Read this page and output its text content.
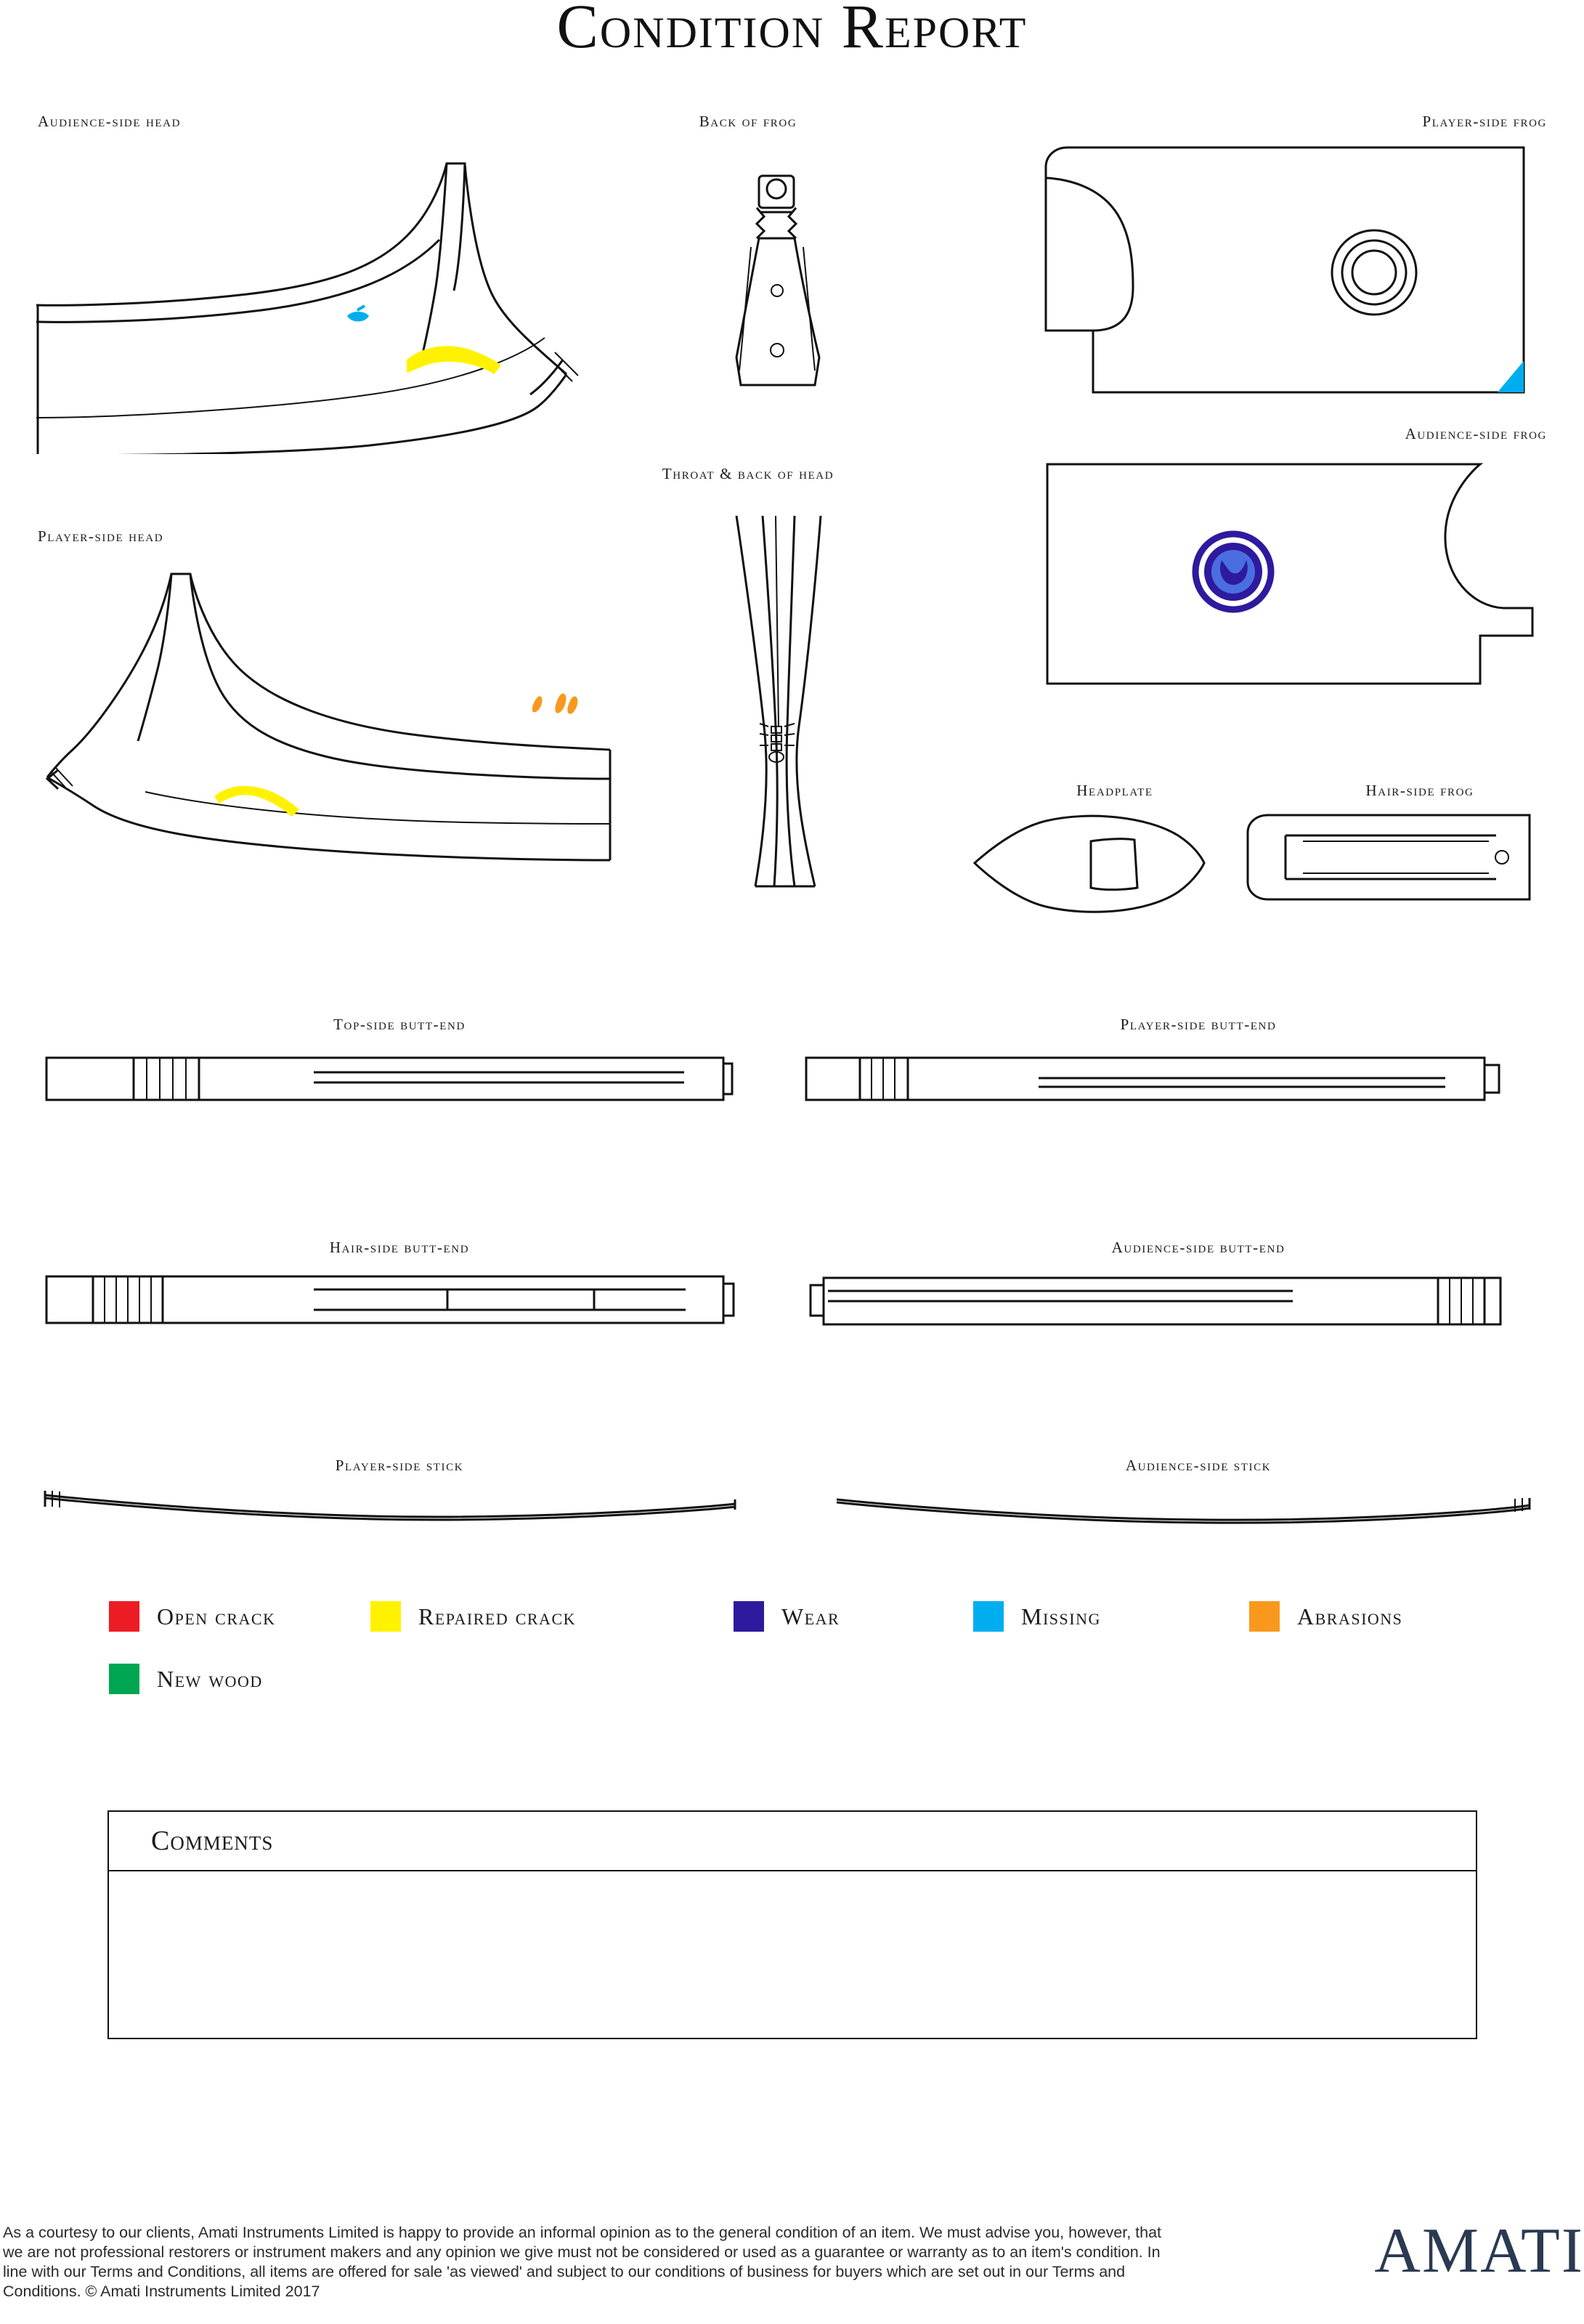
Condition Report
Audience-side head	Back of frog	Player-side frog
Audience-side frog
Player-side head
Throat & back of head
Headplate	Hair-side frog
Top-side butt-end	Player-side butt-end
Hair-side butt-end	Audience-side butt-end
Player-side stick	Audience-side stick
Open crack	Repaired crack	Wear	Missing	Abrasions
New wood
Comments
As a courtesy to our clients, Amati Instruments Limited is happy to provide an informal opinion as to the general condition of an item. We must advise you, however, that we are not professional restorers or instrument makers and any opinion we give must not be considered or used as a guarantee or warranty as to an item's condition. In line with our Terms and Conditions, all items are offered for sale 'as viewed' and subject to our conditions of business for buyers which are set out in our Terms and Conditions. © Amati Instruments Limited 2017
AMATI
